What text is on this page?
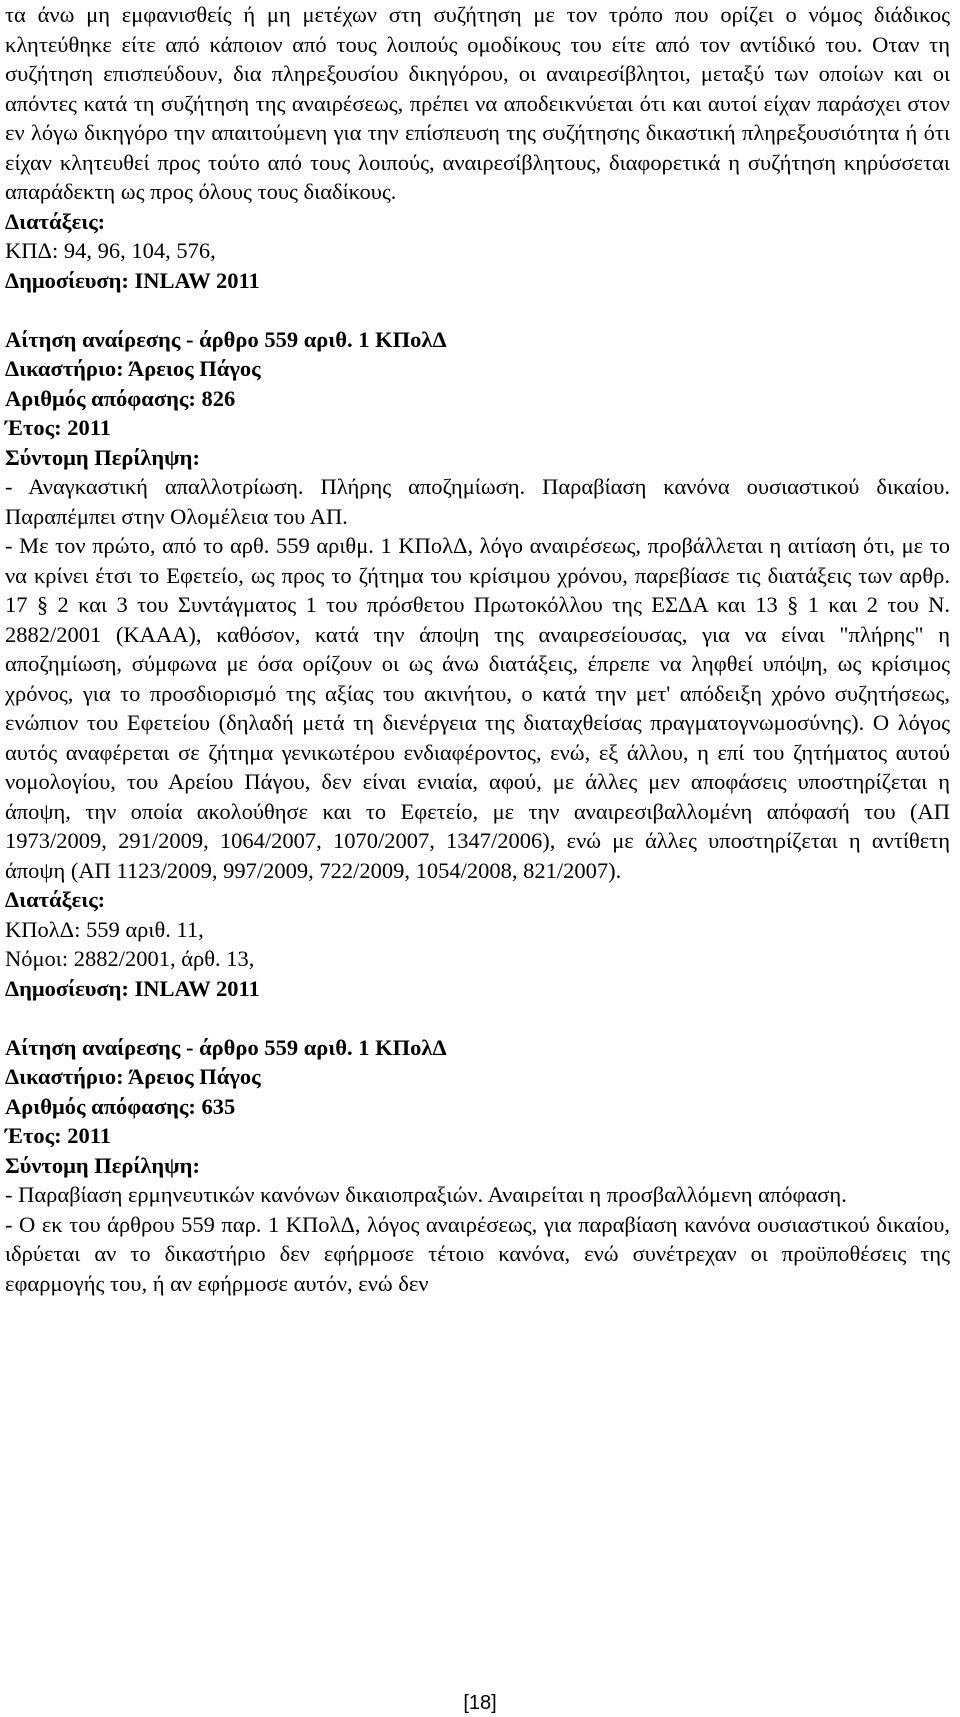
τα άνω μη εμφανισθείς ή μη μετέχων στη συζήτηση με τον τρόπο που ορίζει ο νόμος διάδικος κλητεύθηκε είτε από κάποιον από τους λοιπούς ομοδίκους του είτε από τον αντίδικό του. Οταν τη συζήτηση επισπεύδουν, δια πληρεξουσίου δικηγόρου, οι αναιρεσίβλητοι, μεταξύ των οποίων και οι απόντες κατά τη συζήτηση της αναιρέσεως, πρέπει να αποδεικνύεται ότι και αυτοί είχαν παράσχει στον εν λόγω δικηγόρο την απαιτούμενη για την επίσπευση της συζήτησης δικαστική πληρεξουσιότητα ή ότι είχαν κλητευθεί προς τούτο από τους λοιπούς, αναιρεσίβλητους, διαφορετικά η συζήτηση κηρύσσεται απαράδεκτη ως προς όλους τους διαδίκους.

Διατάξεις:

ΚΠΔ: 94, 96, 104, 576,

Δημοσίευση: INLAW 2011

Αίτηση αναίρεσης - άρθρο 559 αριθ. 1 ΚΠολΔ

Δικαστήριο: Άρειος Πάγος

Αριθμός απόφασης: 826

Έτος: 2011

Σύντομη Περίληψη:

- Αναγκαστική απαλλοτρίωση. Πλήρης αποζημίωση. Παραβίαση κανόνα ουσιαστικού δικαίου. Παραπέμπει στην Ολομέλεια του ΑΠ.

- Με τον πρώτο, από το αρθ. 559 αριθμ. 1 ΚΠολΔ, λόγο αναιρέσεως, προβάλλεται η αιτίαση ότι, με το να κρίνει έτσι το Εφετείο, ως προς το ζήτημα του κρίσιμου χρόνου, παρεβίασε τις διατάξεις των αρθρ. 17 § 2 και 3 του Συντάγματος 1 του πρόσθετου Πρωτοκόλλου της ΕΣΔΑ και 13 § 1 και 2 του Ν. 2882/2001 (ΚΑΑΑ), καθόσον, κατά την άποψη της αναιρεσείουσας, για να είναι "πλήρης" η αποζημίωση, σύμφωνα με όσα ορίζουν οι ως άνω διατάξεις, έπρεπε να ληφθεί υπόψη, ως κρίσιμος χρόνος, για το προσδιορισμό της αξίας του ακινήτου, ο κατά την μετ' απόδειξη χρόνο συζητήσεως, ενώπιον του Εφετείου (δηλαδή μετά τη διενέργεια της διαταχθείσας πραγματογνωμοσύνης). Ο λόγος αυτός αναφέρεται σε ζήτημα γενικωτέρου ενδιαφέροντος, ενώ, εξ άλλου, η επί του ζητήματος αυτού νομολογίου, του Αρείου Πάγου, δεν είναι ενιαία, αφού, με άλλες μεν αποφάσεις υποστηρίζεται η άποψη, την οποία ακολούθησε και το Εφετείο, με την αναιρεσιβαλλομένη απόφασή του (ΑΠ 1973/2009, 291/2009, 1064/2007, 1070/2007, 1347/2006), ενώ με άλλες υποστηρίζεται η αντίθετη άποψη (ΑΠ 1123/2009, 997/2009, 722/2009, 1054/2008, 821/2007).

Διατάξεις:

ΚΠολΔ: 559 αριθ. 11,

Νόμοι: 2882/2001, άρθ. 13,

Δημοσίευση: INLAW 2011

Αίτηση αναίρεσης - άρθρο 559 αριθ. 1 ΚΠολΔ

Δικαστήριο: Άρειος Πάγος

Αριθμός απόφασης: 635

Έτος: 2011

Σύντομη Περίληψη:

- Παραβίαση ερμηνευτικών κανόνων δικαιοπραξιών. Αναιρείται η προσβαλλόμενη απόφαση.

- Ο εκ του άρθρου 559 παρ. 1 ΚΠολΔ, λόγος αναιρέσεως, για παραβίαση κανόνα ουσιαστικού δικαίου, ιδρύεται αν το δικαστήριο δεν εφήρμοσε τέτοιο κανόνα, ενώ συνέτρεχαν οι προϋποθέσεις της εφαρμογής του, ή αν εφήρμοσε αυτόν, ενώ δεν

[18]
